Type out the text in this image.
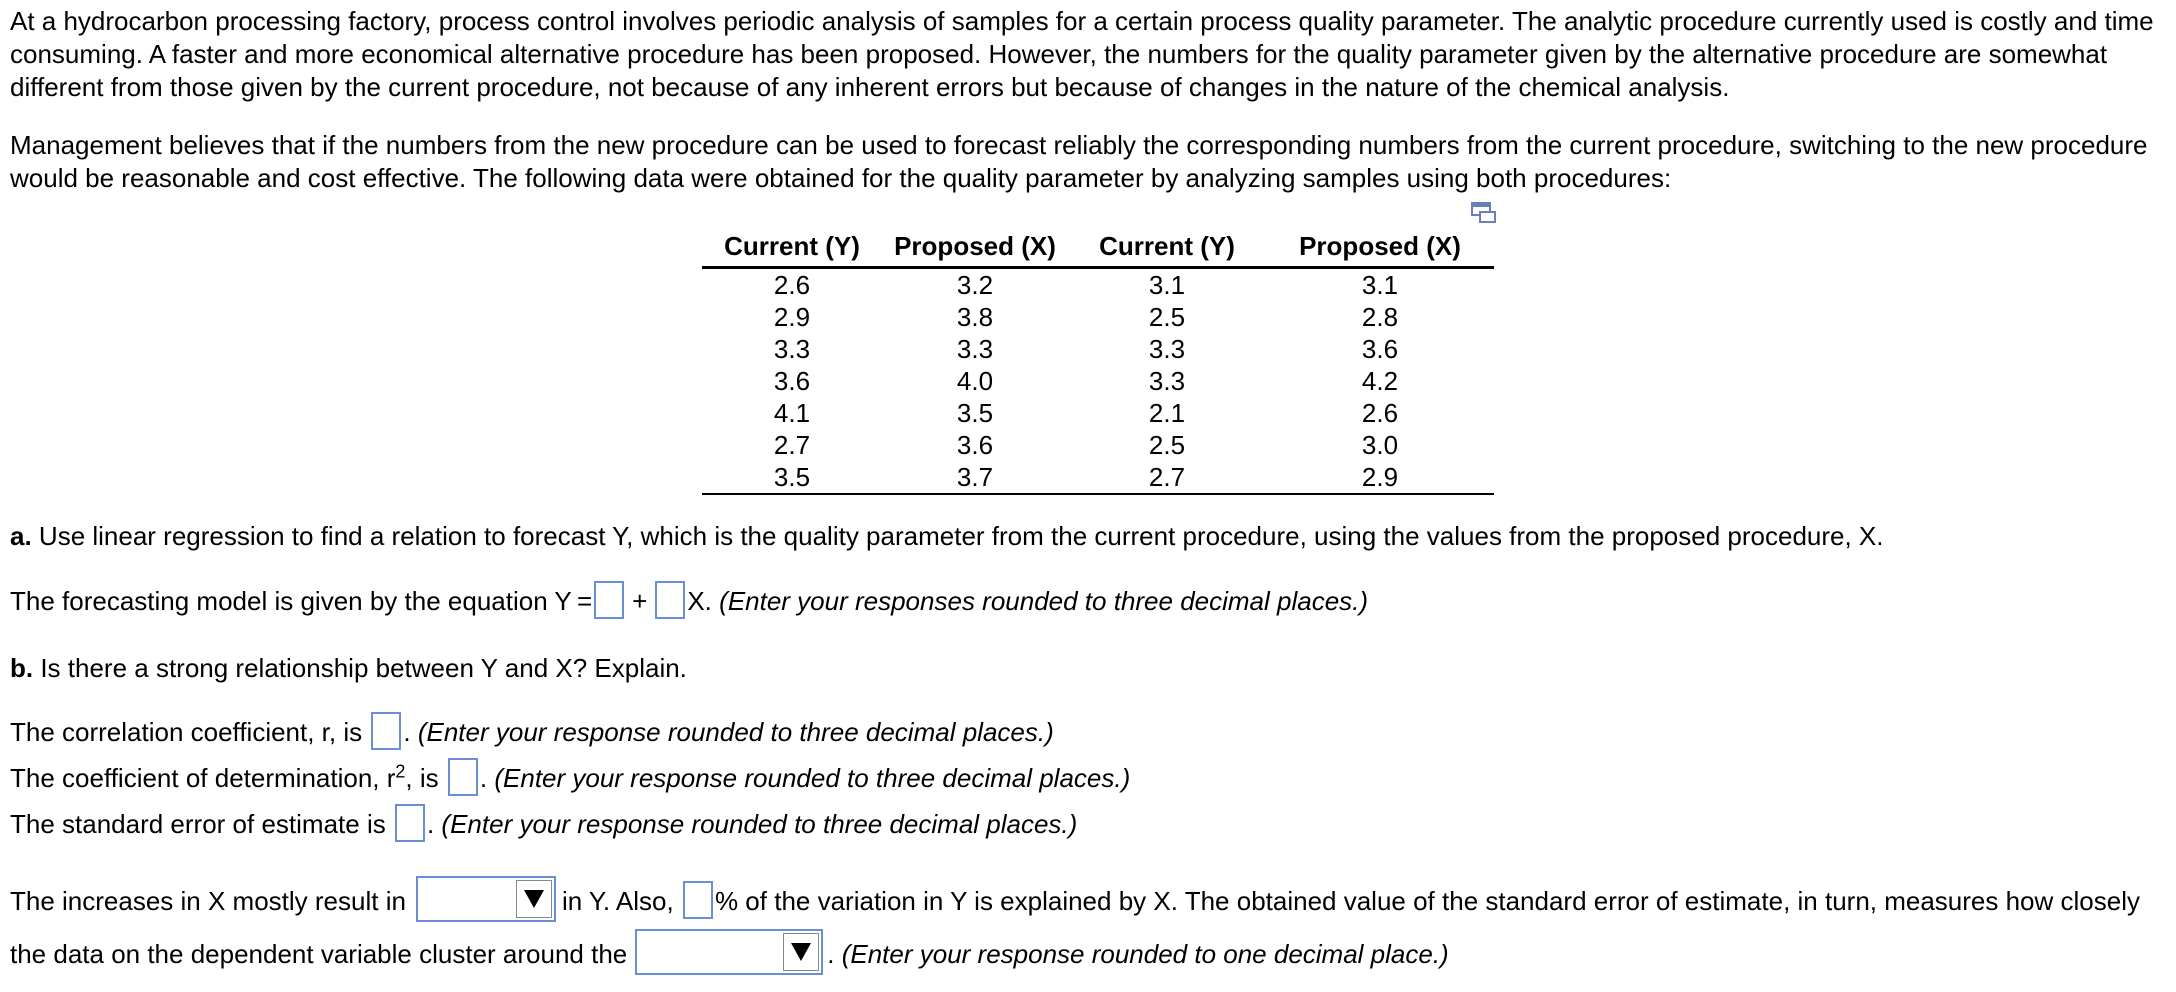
At a hydrocarbon processing factory, process control involves periodic analysis of samples for a certain process quality parameter. The analytic procedure currently used is costly and time consuming. A faster and more economical alternative procedure has been proposed. However, the numbers for the quality parameter given by the alternative procedure are somewhat different from those given by the current procedure, not because of any inherent errors but because of changes in the nature of the chemical analysis.

Management believes that if the numbers from the new procedure can be used to forecast reliably the corresponding numbers from the current procedure, switching to the new procedure would be reasonable and cost effective. The following data were obtained for the quality parameter by analyzing samples using both procedures:

Current (Y)	Proposed (X)	Current (Y)	Proposed (X)
2.6	3.2	3.1	3.1
2.9	3.8	2.5	2.8
3.3	3.3	3.3	3.6
3.6	4.0	3.3	4.2
4.1	3.5	2.1	2.6
2.7	3.6	2.5	3.0
3.5	3.7	2.7	2.9
a. Use linear regression to find a relation to forecast Y, which is the quality parameter from the current procedure, using the values from the proposed procedure, X.
The forecasting model is given by the equation Y = + X. (Enter your responses rounded to three decimal places.)
b. Is there a strong relationship between Y and X? Explain.
The correlation coefficient, r, is . (Enter your response rounded to three decimal places.)
The coefficient of determination, $r^2$, is . (Enter your response rounded to three decimal places.)
The standard error of estimate is . (Enter your response rounded to three decimal places.)
The increases in X mostly result in	in Y. Also, % of the variation in Y is explained by X. The obtained value of the standard error of estimate, in turn, measures how closely
the data on the dependent variable cluster around the	. (Enter your response rounded to one decimal place.)
